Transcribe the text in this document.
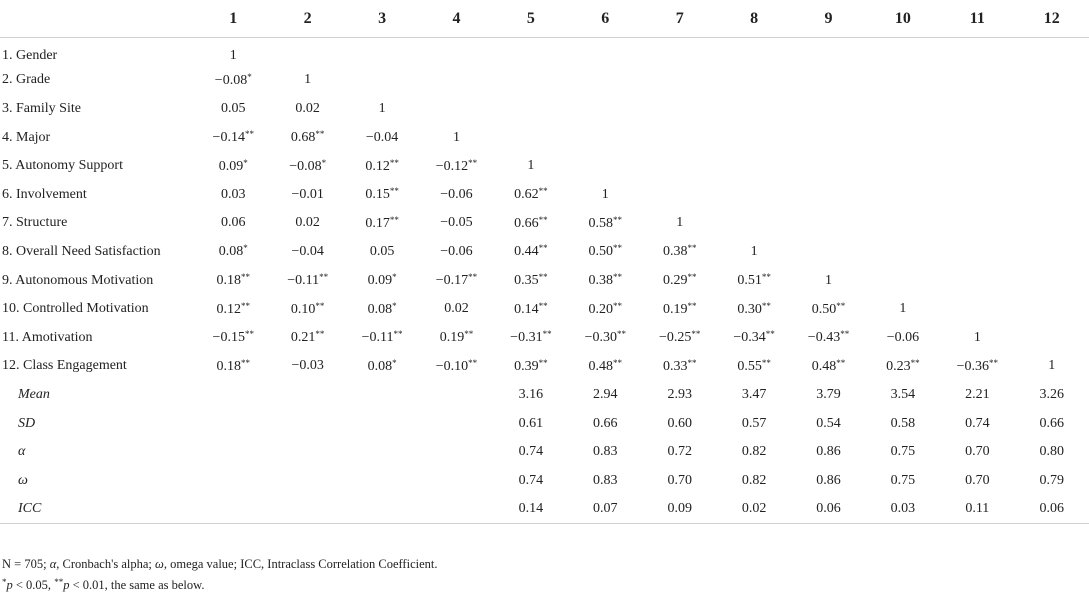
	1	2	3	4	5	6	7	8	9	10	11	12
1. Gender	1											
2. Grade	−0.08*	1										
3. Family Site	0.05	0.02	1									
4. Major	−0.14**	0.68**	−0.04	1								
5. Autonomy Support	0.09*	−0.08*	0.12**	−0.12**	1							
6. Involvement	0.03	−0.01	0.15**	−0.06	0.62**	1						
7. Structure	0.06	0.02	0.17**	−0.05	0.66**	0.58**	1					
8. Overall Need Satisfaction	0.08*	−0.04	0.05	−0.06	0.44**	0.50**	0.38**	1				
9. Autonomous Motivation	0.18**	−0.11**	0.09*	−0.17**	0.35**	0.38**	0.29**	0.51**	1			
10. Controlled Motivation	0.12**	0.10**	0.08*	0.02	0.14**	0.20**	0.19**	0.30**	0.50**	1		
11. Amotivation	−0.15**	0.21**	−0.11**	0.19**	−0.31**	−0.30**	−0.25**	−0.34**	−0.43**	−0.06	1	
12. Class Engagement	0.18**	−0.03	0.08*	−0.10**	0.39**	0.48**	0.33**	0.55**	0.48**	0.23**	−0.36**	1
Mean					3.16	2.94	2.93	3.47	3.79	3.54	2.21	3.26
SD					0.61	0.66	0.60	0.57	0.54	0.58	0.74	0.66
α					0.74	0.83	0.72	0.82	0.86	0.75	0.70	0.80
ω					0.74	0.83	0.70	0.82	0.86	0.75	0.70	0.79
ICC					0.14	0.07	0.09	0.02	0.06	0.03	0.11	0.06
N = 705; α, Cronbach's alpha; ω, omega value; ICC, Intraclass Correlation Coefficient.
*p < 0.05, **p < 0.01, the same as below.
